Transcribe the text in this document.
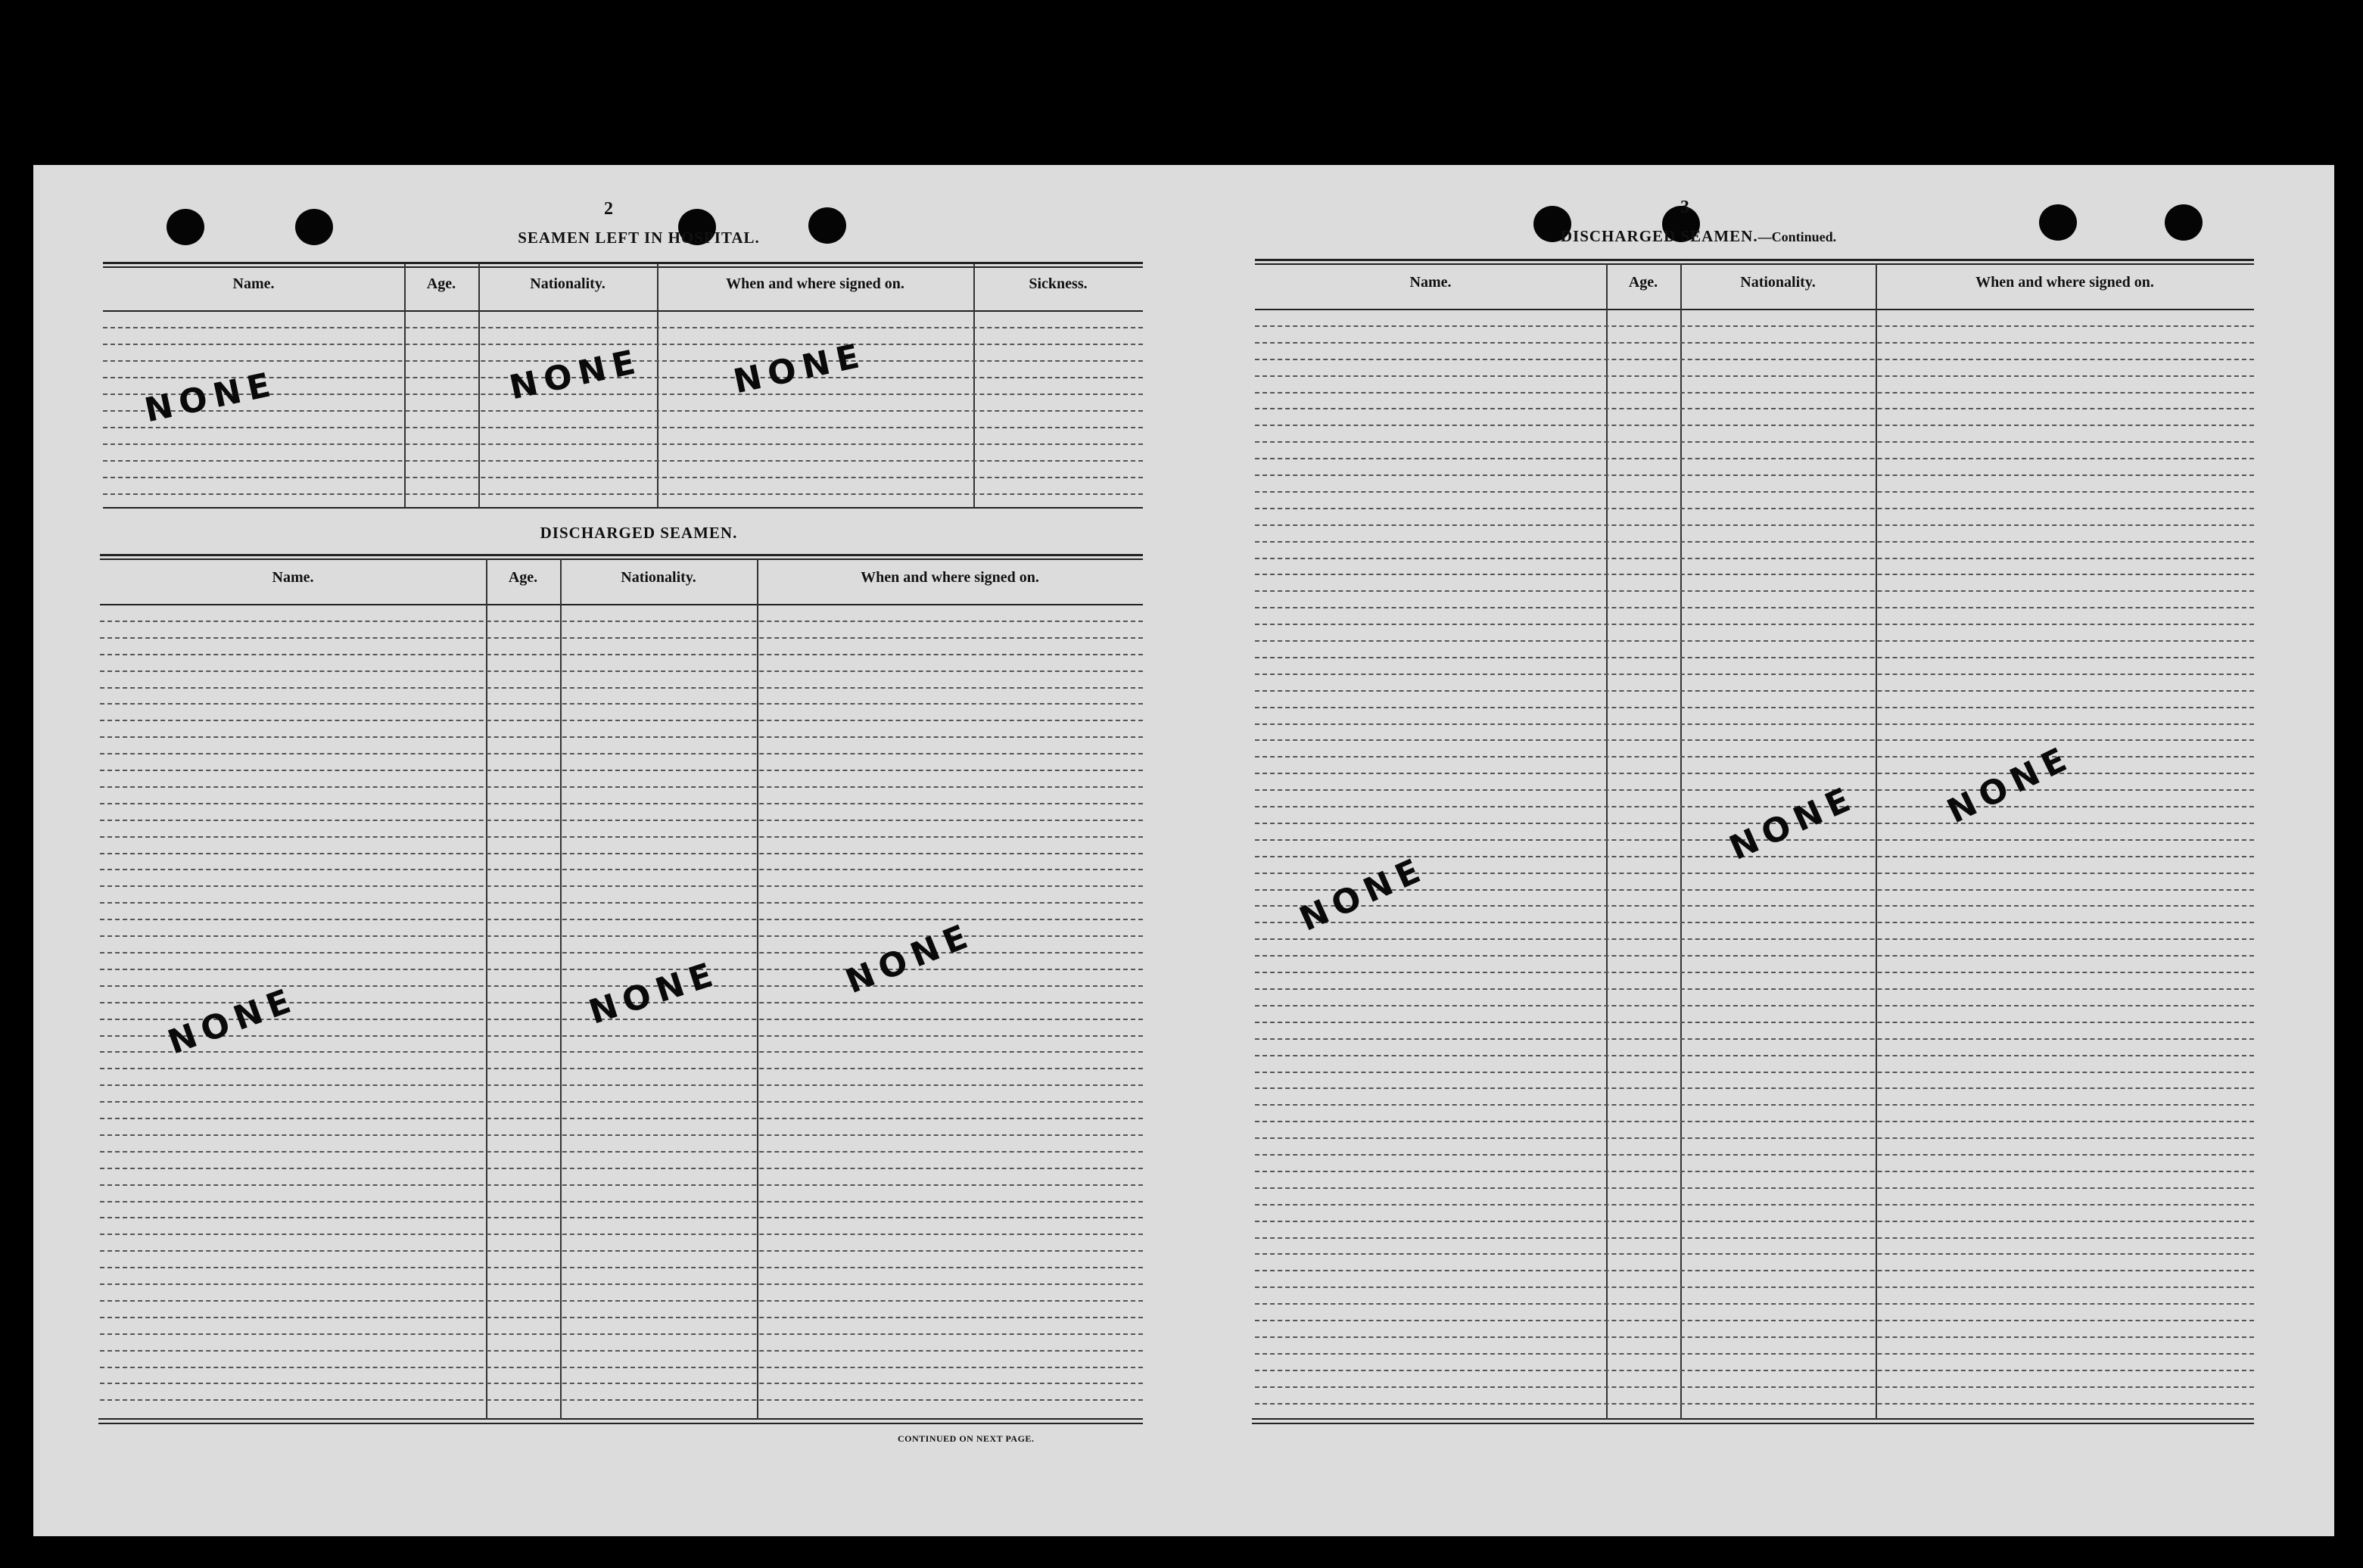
2
SEAMEN LEFT IN HOSPITAL.
Name.	Age.	Nationality.	When and where signed on.	Sickness.
NONE	NONE	NONE
DISCHARGED SEAMEN.
Name.	Age.	Nationality.	When and where signed on.
NONE	NONE	NONE
CONTINUED ON NEXT PAGE.
3
DISCHARGED SEAMEN.—Continued.
Name.	Age.	Nationality.	When and where signed on.
NONE
NONE NONE
